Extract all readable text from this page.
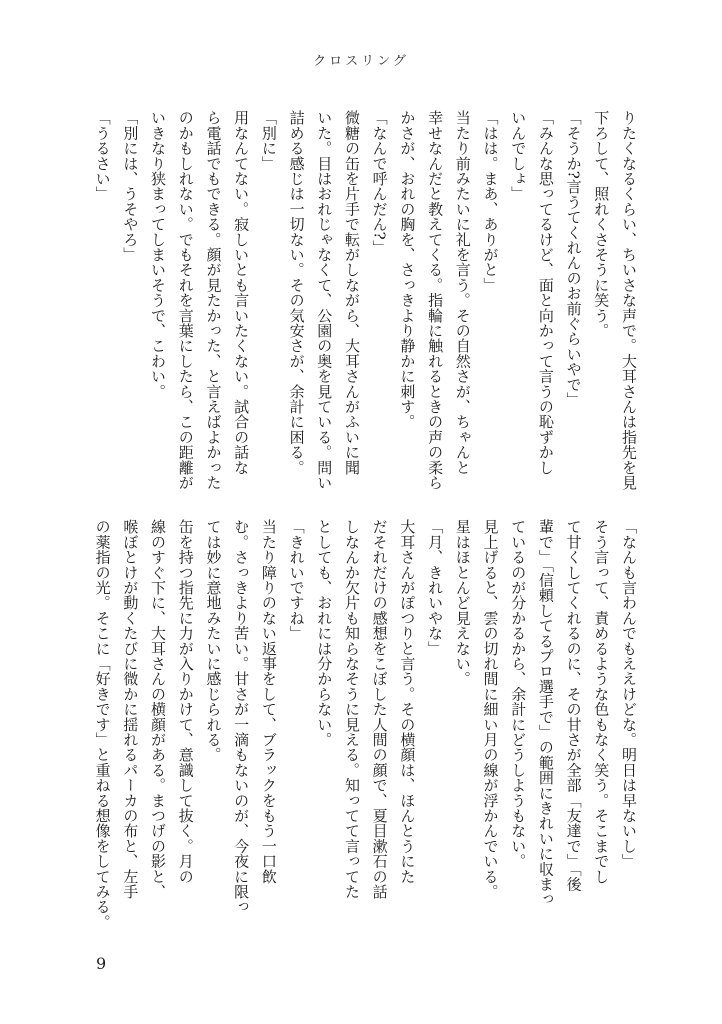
クロスリング

りたくなるくらい、ちいさな声で。大耳さんは指先を見

下ろして、照れくさそうに笑う。

「そうか?言うてくれんのお前ぐらいやで」

「みんな思ってるけど、面と向かって言うの恥ずかし

いんでしょ」

「はは。まあ、ありがと」

当たり前みたいに礼を言う。その自然さが、ちゃんと

幸せなんだと教えてくる。指輪に触れるときの声の柔ら

かさが、おれの胸を、さっきより静かに刺す。

「なんで呼んだん?」

微糖の缶を片手で転がしながら、大耳さんがふいに聞

いた。目はおれじゃなくて、公園の奥を見ている。問い

詰める感じは一切ない。その気安さが、余計に困る。

「別に」

用なんてない。寂しいとも言いたくない。試合の話な

ら電話でもできる。顔が見たかった、と言えばよかった

のかもしれない。でもそれを言葉にしたら、この距離が

いきなり狭まってしまいそうで、こわい。

「別には、うそやろ」

「うるさい」

「なんも言わんでもええけどな。明日は早ないし」

そう言って、責めるような色もなく笑う。そこまでし

て甘くしてくれるのに、その甘さが全部「友達で」「後

輩で」「信頼してるプロ選手で」の範囲にきれいに収まっ

ているのが分かるから、余計にどうしようもない。

見上げると、雲の切れ間に細い月の線が浮かんでいる。

星はほとんど見えない。

「月、きれいやな」

大耳さんがぽつりと言う。その横顔は、ほんとうにた

だそれだけの感想をこぼした人間の顔で、夏目漱石の話

しなんか欠片も知らなそうに見える。知ってて言ってた

としても、おれには分からない。

「きれいですね」

当たり障りのない返事をして、ブラックをもう一口飲

む。さっきより苦い。甘さが一滴もないのが、今夜に限っ

ては妙に意地みたいに感じられる。

缶を持つ指先に力が入りかけて、意識して抜く。月の

線のすぐ下に、大耳さんの横顔がある。まつげの影と、

喉ぼとけが動くたびに微かに揺れるパーカの布と、左手

の薬指の光。そこに「好きです」と重ねる想像をしてみる。

9
